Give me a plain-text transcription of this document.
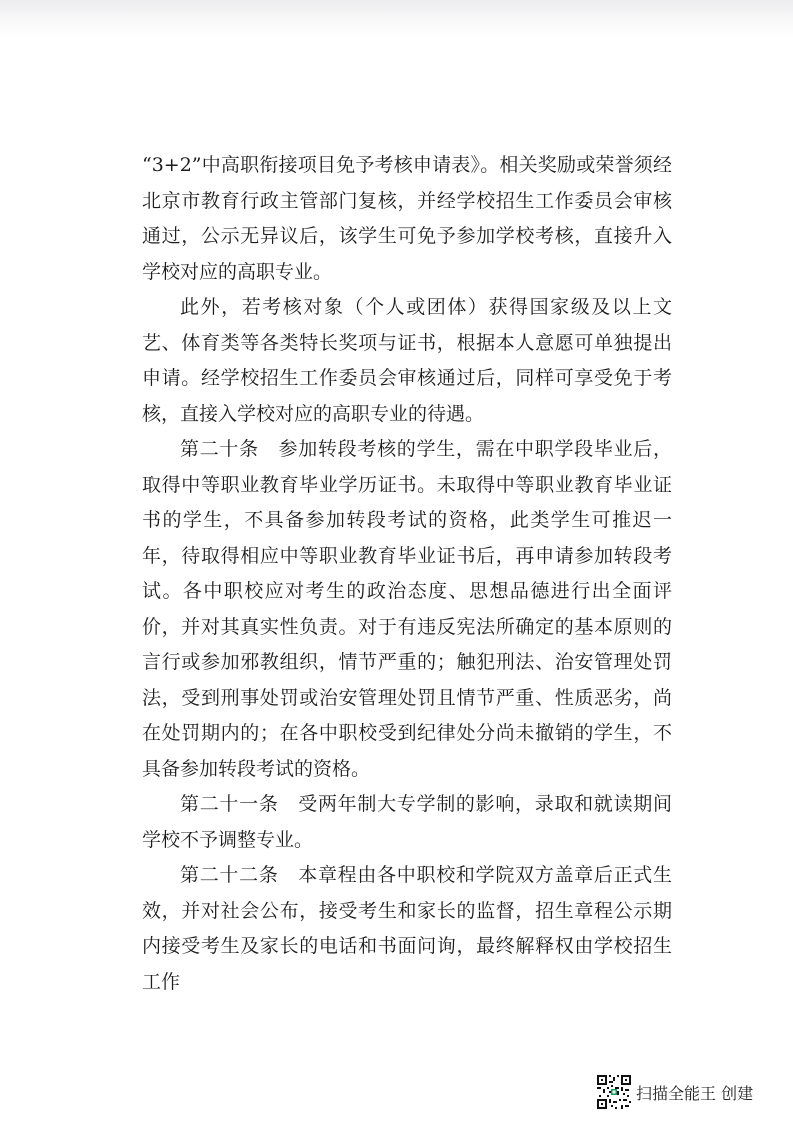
“3+2”中高职衔接项目免予考核申请表》。相关奖励或荣誉须经北京市教育行政主管部门复核，并经学校招生工作委员会审核通过，公示无异议后，该学生可免予参加学校考核，直接升入学校对应的高职专业。

此外，若考核对象（个人或团体）获得国家级及以上文艺、体育类等各类特长奖项与证书，根据本人意愿可单独提出申请。经学校招生工作委员会审核通过后，同样可享受免于考核，直接入学校对应的高职专业的待遇。

第二十条　参加转段考核的学生，需在中职学段毕业后，取得中等职业教育毕业学历证书。未取得中等职业教育毕业证书的学生，不具备参加转段考试的资格，此类学生可推迟一年，待取得相应中等职业教育毕业证书后，再申请参加转段考试。各中职校应对考生的政治态度、思想品德进行出全面评价，并对其真实性负责。对于有违反宪法所确定的基本原则的言行或参加邪教组织，情节严重的；触犯刑法、治安管理处罚法，受到刑事处罚或治安管理处罚且情节严重、性质恶劣，尚在处罚期内的；在各中职校受到纪律处分尚未撤销的学生，不具备参加转段考试的资格。

第二十一条　受两年制大专学制的影响，录取和就读期间学校不予调整专业。

第二十二条　本章程由各中职校和学院双方盖章后正式生效，并对社会公布，接受考生和家长的监督，招生章程公示期内接受考生及家长的电话和书面问询，最终解释权由学校招生工作

扫描全能王 创建
